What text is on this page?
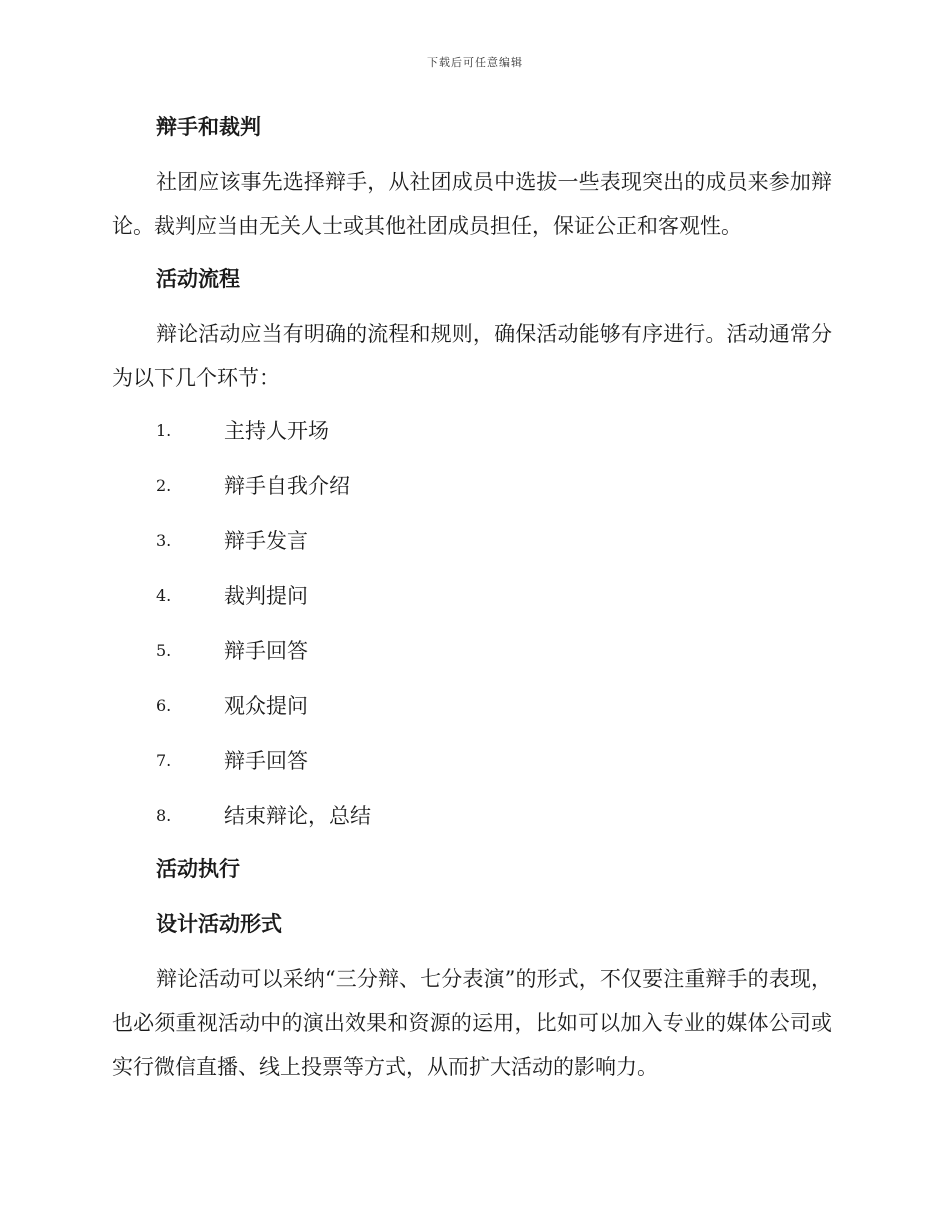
下载后可任意编辑
辩手和裁判
社团应该事先选择辩手，从社团成员中选拔一些表现突出的成员来参加辩论。裁判应当由无关人士或其他社团成员担任，保证公正和客观性。
活动流程
辩论活动应当有明确的流程和规则，确保活动能够有序进行。活动通常分为以下几个环节：
1.	主持人开场
2.	辩手自我介绍
3.	辩手发言
4.	裁判提问
5.	辩手回答
6.	观众提问
7.	辩手回答
8.	结束辩论，总结
活动执行
设计活动形式
辩论活动可以采纳“三分辩、七分表演”的形式，不仅要注重辩手的表现，也必须重视活动中的演出效果和资源的运用，比如可以加入专业的媒体公司或实行微信直播、线上投票等方式，从而扩大活动的影响力。
